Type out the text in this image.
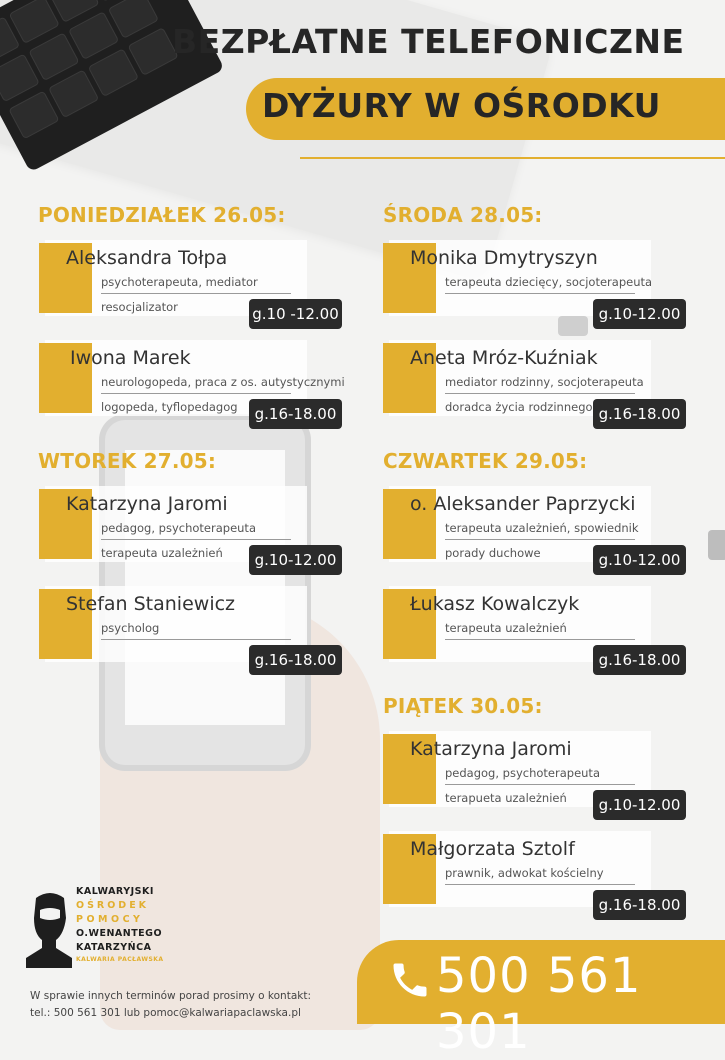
BEZPŁATNE TELEFONICZNE
DYŻURY W OŚRODKU
PONIEDZIAŁEK 26.05:
Aleksandra Tołpa
psychoterapeuta, mediator
resocjalizator	g.10 -12.00
Iwona Marek
neurologopeda, praca z os. autystycznymi
logopeda, tyflopedagog	g.16-18.00
WTOREK 27.05:
Katarzyna Jaromi
pedagog, psychoterapeuta
terapeuta uzależnień	g.10-12.00
Stefan Staniewicz
psycholog
g.16-18.00
ŚRODA 28.05:
Monika Dmytryszyn
terapeuta dziecięcy, socjoterapeuta
g.10-12.00
Aneta Mróz-Kuźniak
mediator rodzinny, socjoterapeuta
doradca życia rodzinnego g.16-18.00
CZWARTEK 29.05:
o. Aleksander Paprzycki
terapeuta uzależnień, spowiednik
porady duchowe	g.10-12.00
Łukasz Kowalczyk
terapeuta uzależnień
g.16-18.00
PIĄTEK 30.05:
Katarzyna Jaromi
pedagog, psychoterapeuta
terapueta uzależnień	g.10-12.00
Małgorzata Sztolf
prawnik, adwokat kościelny
g.16-18.00
KALWARYJSKI
OŚRODEK
POMOCY
O.WENANTEGO
KATARZYŃCA
KALWARIA PACŁAWSKA
W sprawie innych terminów porad prosimy o kontakt:
tel.: 500 561 301 lub pomoc@kalwariapaclawska.pl
500 561 301
